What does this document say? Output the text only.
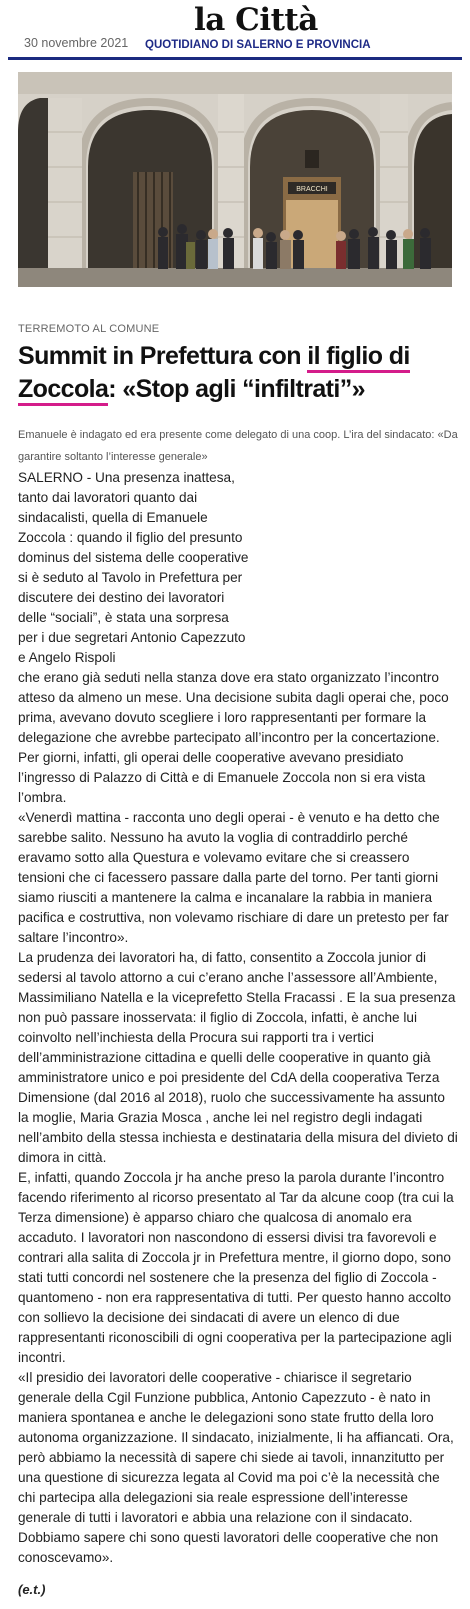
30 novembre 2021
la Città
QUOTIDIANO DI SALERNO E PROVINCIA
BRACCHI
TERREMOTO AL COMUNE
Summit in Prefettura con il figlio di
Zoccola: «Stop agli “infiltrati”»
Emanuele è indagato ed era presente come delegato di una coop. L’ira del sindacato: «Da garantire soltanto l’interesse generale»

SALERNO - Una presenza inattesa, tanto dai lavoratori quanto dai sindacalisti, quella di Emanuele Zoccola : quando il figlio del presunto dominus del sistema delle cooperative si è seduto al Tavolo in Prefettura per discutere dei destino dei lavoratori delle “sociali”, è stata una sorpresa per i due segretari Antonio Capezzuto e Angelo Rispoli

che erano già seduti nella stanza dove era stato organizzato l’incontro atteso da almeno un mese. Una decisione subita dagli operai che, poco prima, avevano dovuto scegliere i loro rappresentanti per formare la delegazione che avrebbe partecipato all’incontro per la concertazione. Per giorni, infatti, gli operai delle cooperative avevano presidiato l’ingresso di Palazzo di Città e di Emanuele Zoccola non si era vista l’ombra.

«Venerdì mattina - racconta uno degli operai - è venuto e ha detto che sarebbe salito. Nessuno ha avuto la voglia di contraddirlo perché eravamo sotto alla Questura e volevamo evitare che si creassero tensioni che ci facessero passare dalla parte del torno. Per tanti giorni siamo riusciti a mantenere la calma e incanalare la rabbia in maniera pacifica e costruttiva, non volevamo rischiare di dare un pretesto per far saltare l’incontro».

La prudenza dei lavoratori ha, di fatto, consentito a Zoccola junior di sedersi al tavolo attorno a cui c’erano anche l’assessore all’Ambiente, Massimiliano Natella e la viceprefetto Stella Fracassi . E la sua presenza non può passare inosservata: il figlio di Zoccola, infatti, è anche lui coinvolto nell’inchiesta della Procura sui rapporti tra i vertici dell’amministrazione cittadina e quelli delle cooperative in quanto già amministratore unico e poi presidente del CdA della cooperativa Terza Dimensione (dal 2016 al 2018), ruolo che successivamente ha assunto la moglie, Maria Grazia Mosca , anche lei nel registro degli indagati nell’ambito della stessa inchiesta e destinataria della misura del divieto di dimora in città.

E, infatti, quando Zoccola jr ha anche preso la parola durante l’incontro facendo riferimento al ricorso presentato al Tar da alcune coop (tra cui la Terza dimensione) è apparso chiaro che qualcosa di anomalo era accaduto. I lavoratori non nascondono di essersi divisi tra favorevoli e contrari alla salita di Zoccola jr in Prefettura mentre, il giorno dopo, sono stati tutti concordi nel sostenere che la presenza del figlio di Zoccola - quantomeno - non era rappresentativa di tutti. Per questo hanno accolto con sollievo la decisione dei sindacati di avere un elenco di due rappresentanti riconoscibili di ogni cooperativa per la partecipazione agli incontri.

«Il presidio dei lavoratori delle cooperative - chiarisce il segretario generale della Cgil Funzione pubblica, Antonio Capezzuto - è nato in maniera spontanea e anche le delegazioni sono state frutto della loro autonoma organizzazione. Il sindacato, inizialmente, li ha affiancati. Ora, però abbiamo la necessità di sapere chi siede ai tavoli, innanzitutto per una questione di sicurezza legata al Covid ma poi c’è la necessità che chi partecipa alla delegazioni sia reale espressione dell’interesse generale di tutti i lavoratori e abbia una relazione con il sindacato. Dobbiamo sapere chi sono questi lavoratori delle cooperative che non conoscevamo».

(e.t.)
